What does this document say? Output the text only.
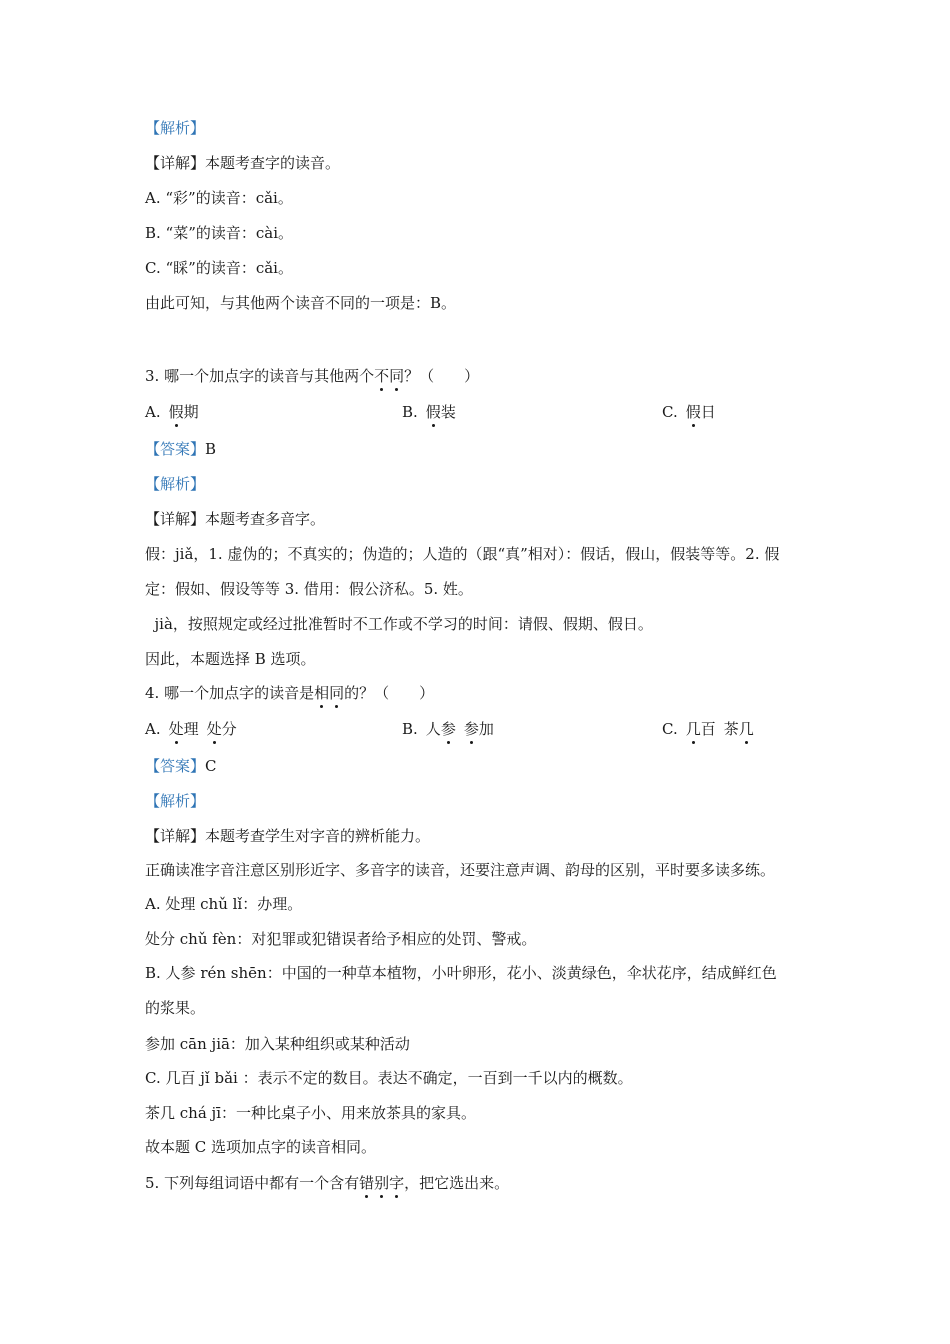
【解析】
【详解】本题考查字的读音。
A. “彩”的读音：cǎi。
B. “菜”的读音：cài。
C. “睬”的读音：cǎi。
由此可知，与其他两个读音不同的一项是：B。
3. 哪一个加点字的读音与其他两个不同？（　　）
A. 假期	B. 假装	C. 假日
【答案】B
【解析】
【详解】本题考查多音字。
假：jiǎ，1. 虚伪的；不真实的；伪造的；人造的（跟“真”相对）：假话，假山，假装等等。2. 假
定：假如、假设等等 3. 借用：假公济私。5. 姓。
jià，按照规定或经过批准暂时不工作或不学习的时间：请假、假期、假日。
因此，本题选择 B 选项。
4. 哪一个加点字的读音是相同的？（　　）
A. 处理 处分	B. 人参 参加	C. 几百 茶几
【答案】C
【解析】
【详解】本题考查学生对字音的辨析能力。
正确读准字音注意区别形近字、多音字的读音，还要注意声调、韵母的区别，平时要多读多练。
A. 处理 chǔ lǐ：办理。
处分 chǔ fèn：对犯罪或犯错误者给予相应的处罚、警戒。
B. 人参 rén shēn：中国的一种草本植物，小叶卵形，花小、淡黄绿色，伞状花序，结成鲜红色
的浆果。
参加 cān jiā：加入某种组织或某种活动
C. 几百 jǐ bǎi ：表示不定的数目。表达不确定，一百到一千以内的概数。
茶几 chá jī：一种比桌子小、用来放茶具的家具。
故本题 C 选项加点字的读音相同。
5. 下列每组词语中都有一个含有错别字，把它选出来。
